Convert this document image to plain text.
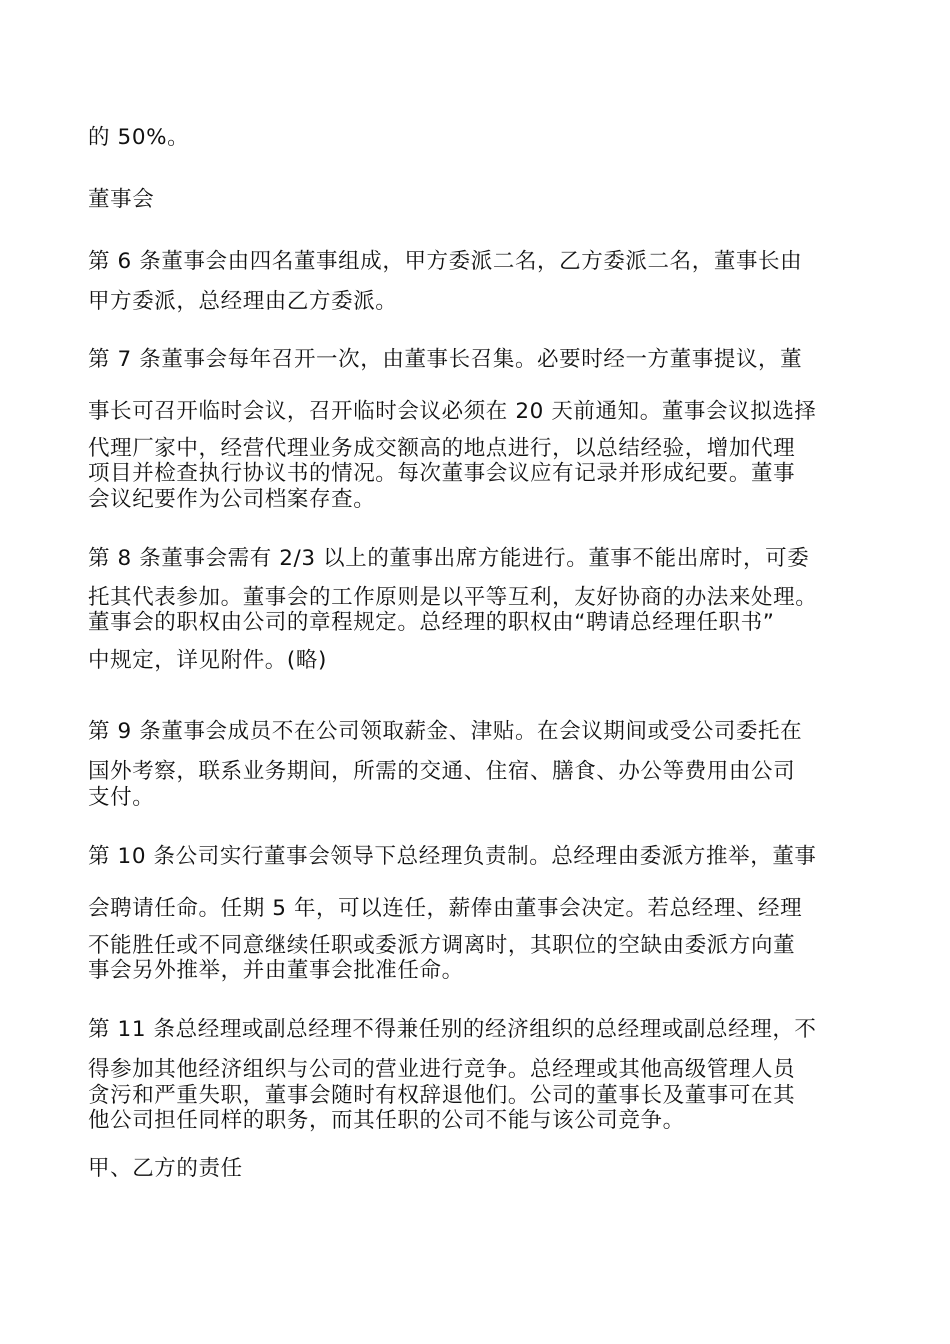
的 50%。
董事会
第 6 条董事会由四名董事组成，甲方委派二名，乙方委派二名，董事长由
甲方委派，总经理由乙方委派。
第 7 条董事会每年召开一次，由董事长召集。必要时经一方董事提议，董
事长可召开临时会议，召开临时会议必须在 20 天前通知。董事会议拟选择
代理厂家中，经营代理业务成交额高的地点进行，以总结经验，增加代理
项目并检查执行协议书的情况。每次董事会议应有记录并形成纪要。董事
会议纪要作为公司档案存查。
第 8 条董事会需有 2/3 以上的董事出席方能进行。董事不能出席时，可委
托其代表参加。董事会的工作原则是以平等互利，友好协商的办法来处理。
董事会的职权由公司的章程规定。总经理的职权由“聘请总经理任职书”
中规定，详见附件。(略)
第 9 条董事会成员不在公司领取薪金、津贴。在会议期间或受公司委托在
国外考察，联系业务期间，所需的交通、住宿、膳食、办公等费用由公司
支付。
第 10 条公司实行董事会领导下总经理负责制。总经理由委派方推举，董事
会聘请任命。任期 5 年，可以连任，薪俸由董事会决定。若总经理、经理
不能胜任或不同意继续任职或委派方调离时，其职位的空缺由委派方向董
事会另外推举，并由董事会批准任命。
第 11 条总经理或副总经理不得兼任别的经济组织的总经理或副总经理，不
得参加其他经济组织与公司的营业进行竞争。总经理或其他高级管理人员
贪污和严重失职，董事会随时有权辞退他们。公司的董事长及董事可在其
他公司担任同样的职务，而其任职的公司不能与该公司竞争。
甲、乙方的责任
